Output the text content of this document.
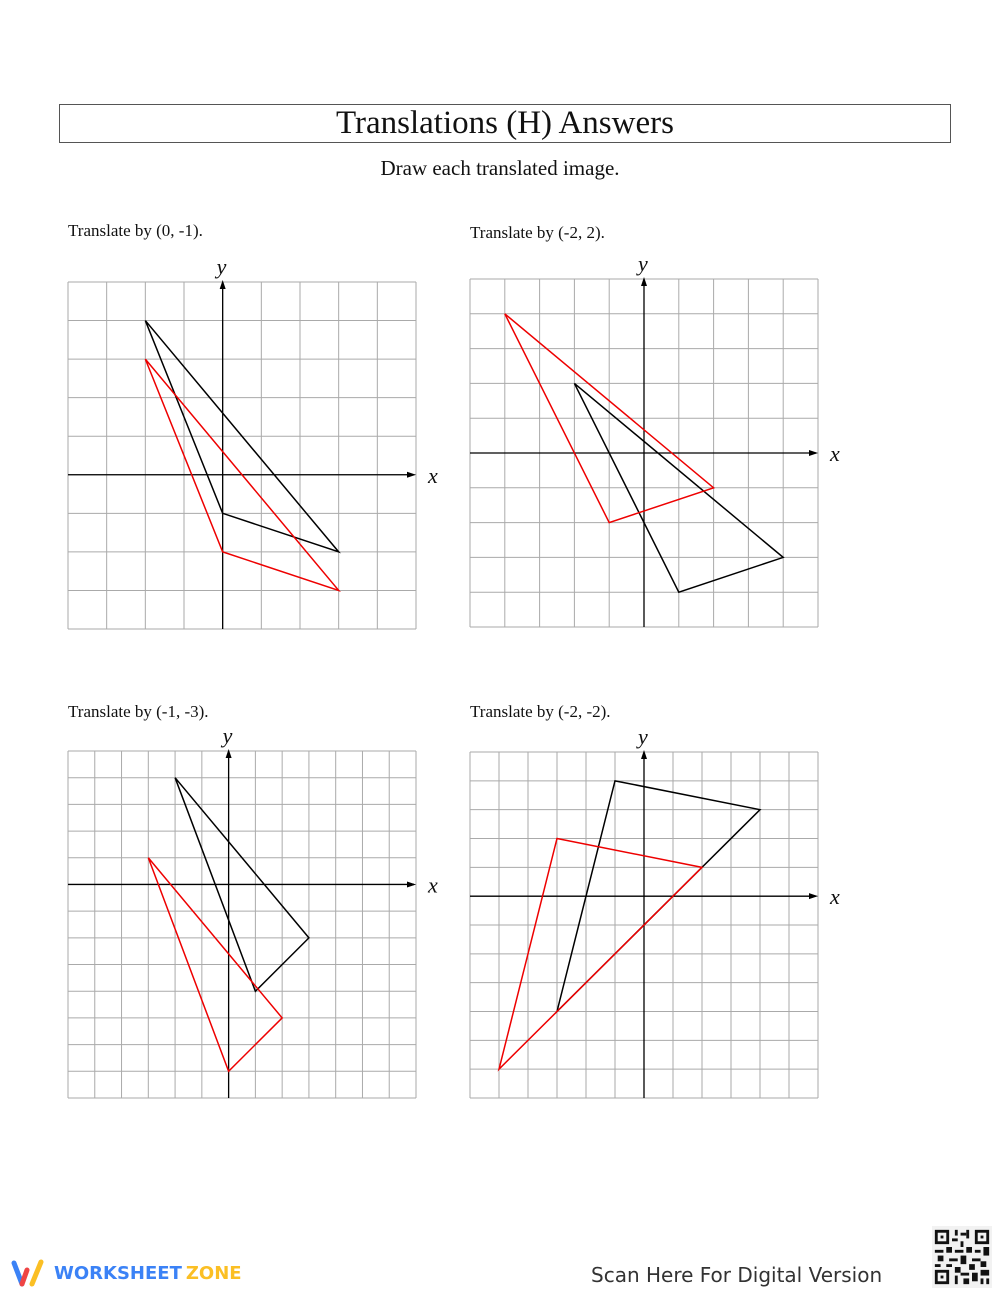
Translations (H) Answers
Draw each translated image.
Translate by (0, -1).	Translate by (-2, 2).
Translate by (-1, -3).	Translate by (-2, -2).
x
y
x
y
x
y
x
y
WORKSHEET ZONE	Scan Here For Digital Version
